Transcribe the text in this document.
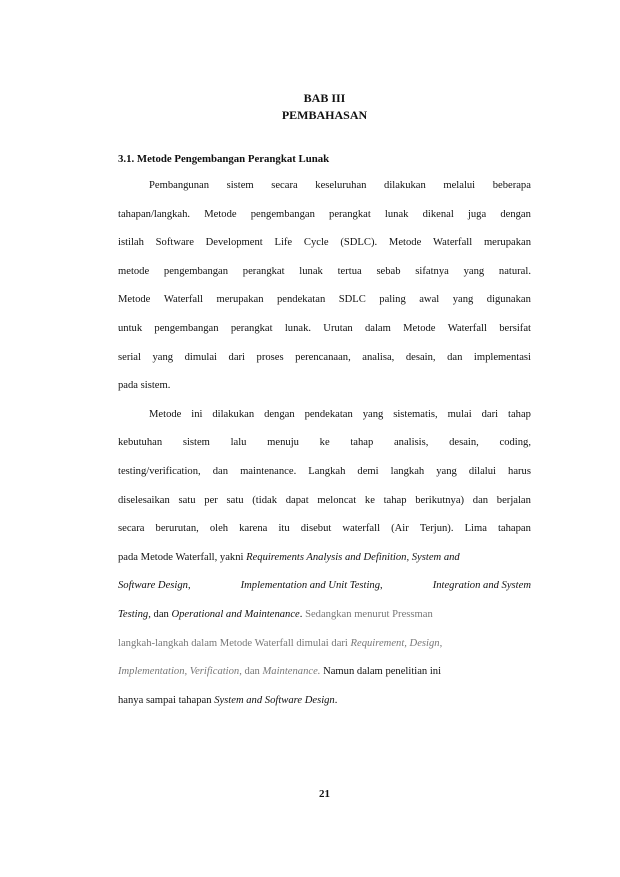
BAB III
PEMBAHASAN
3.1. Metode Pengembangan Perangkat Lunak
Pembangunan sistem secara keseluruhan dilakukan melalui beberapa
tahapan/langkah. Metode pengembangan perangkat lunak dikenal juga dengan
istilah Software Development Life Cycle (SDLC). Metode Waterfall merupakan
metode pengembangan perangkat lunak tertua sebab sifatnya yang natural.
Metode Waterfall merupakan pendekatan SDLC paling awal yang digunakan
untuk pengembangan perangkat lunak. Urutan dalam Metode Waterfall bersifat
serial yang dimulai dari proses perencanaan, analisa, desain, dan implementasi
pada sistem.
Metode ini dilakukan dengan pendekatan yang sistematis, mulai dari tahap
kebutuhan sistem lalu menuju ke tahap analisis, desain, coding,
testing/verification, dan maintenance. Langkah demi langkah yang dilalui harus
diselesaikan satu per satu (tidak dapat meloncat ke tahap berikutnya) dan berjalan
secara berurutan, oleh karena itu disebut waterfall (Air Terjun). Lima tahapan
pada Metode Waterfall, yakni Requirements Analysis and Definition, System and
Software Design,	Implementation and Unit Testing,	Integration and System
Testing, dan Operational and Maintenance. Sedangkan menurut Pressman
langkah-langkah dalam Metode Waterfall dimulai dari Requirement, Design,
Implementation, Verification, dan Maintenance. Namun dalam penelitian ini
hanya sampai tahapan System and Software Design.
21
